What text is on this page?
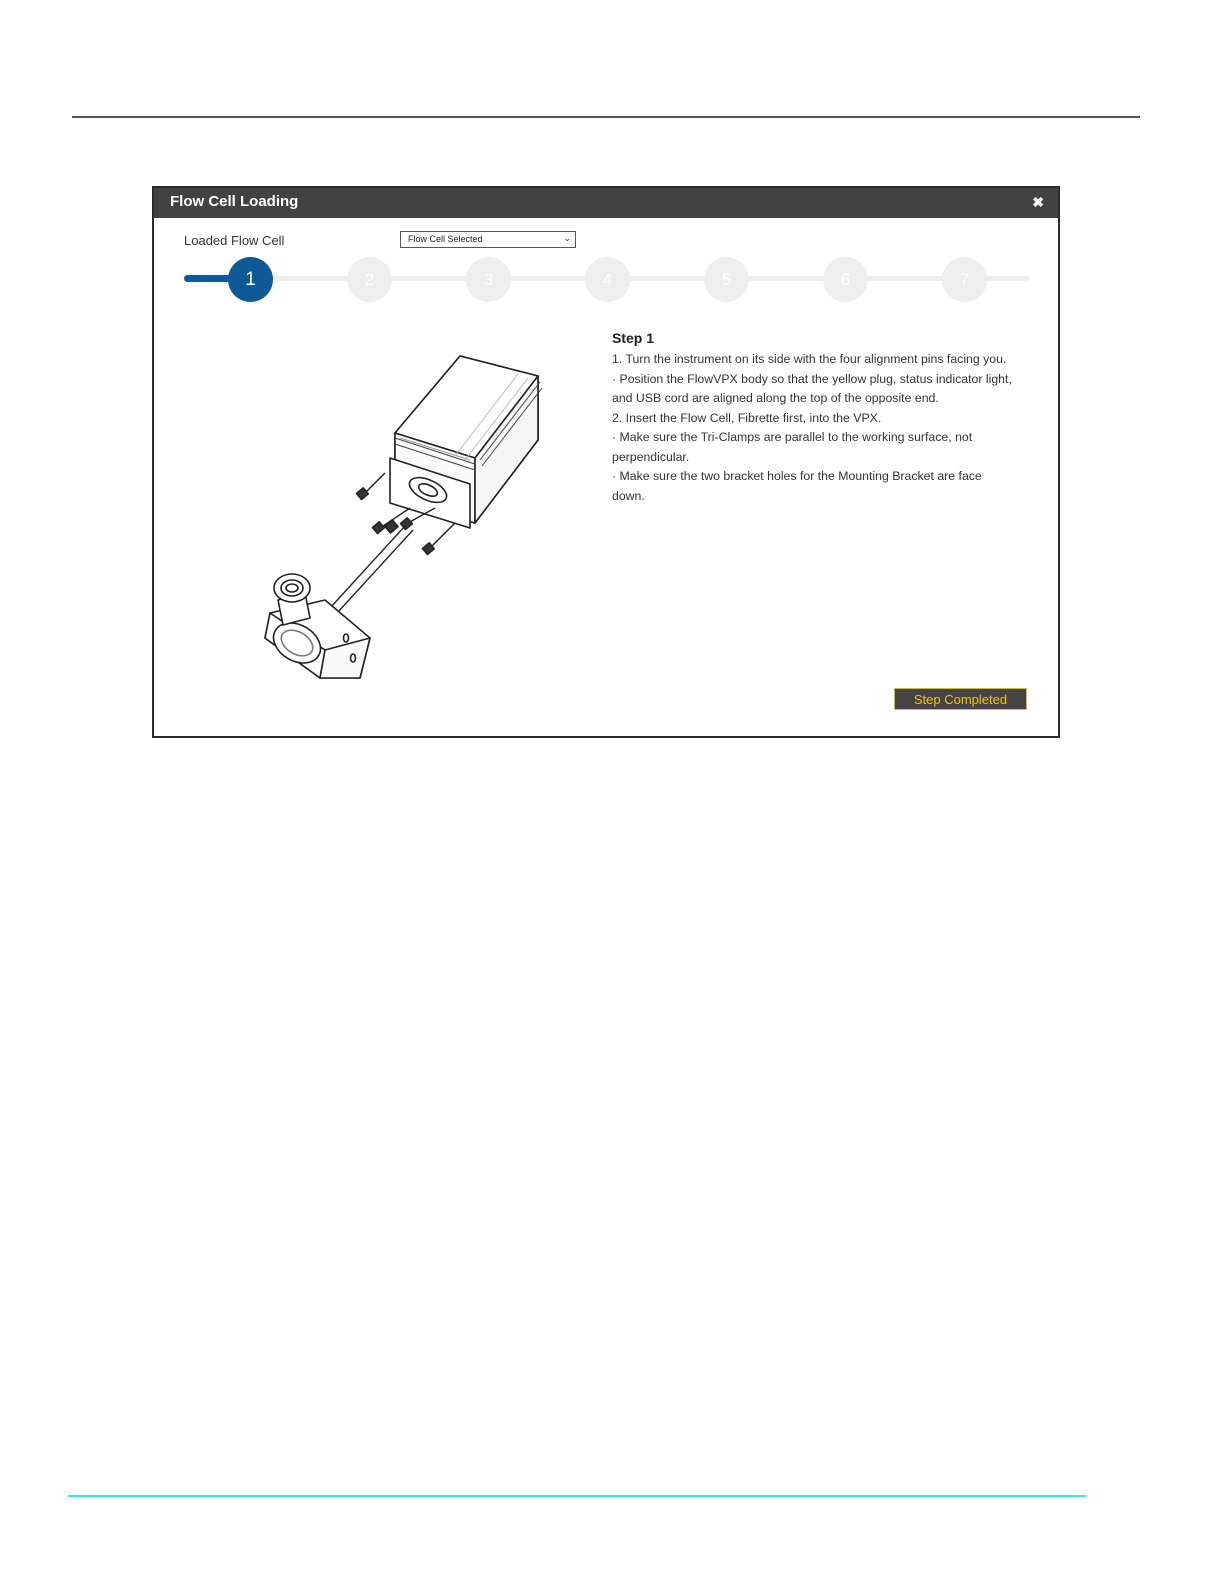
Flow Cell Loading	✖
Loaded Flow Cell	Flow Cell Selected	⌄
1	2	3	4	5	6	7
Step 1
1. Turn the instrument on its side with the four alignment pins facing you.
· Position the FlowVPX body so that the yellow plug, status indicator light, and USB cord are aligned along the top of the opposite end.
2. Insert the Flow Cell, Fibrette first, into the VPX.
· Make sure the Tri-Clamps are parallel to the working surface, not perpendicular.
· Make sure the two bracket holes for the Mounting Bracket are face down.
Step Completed
